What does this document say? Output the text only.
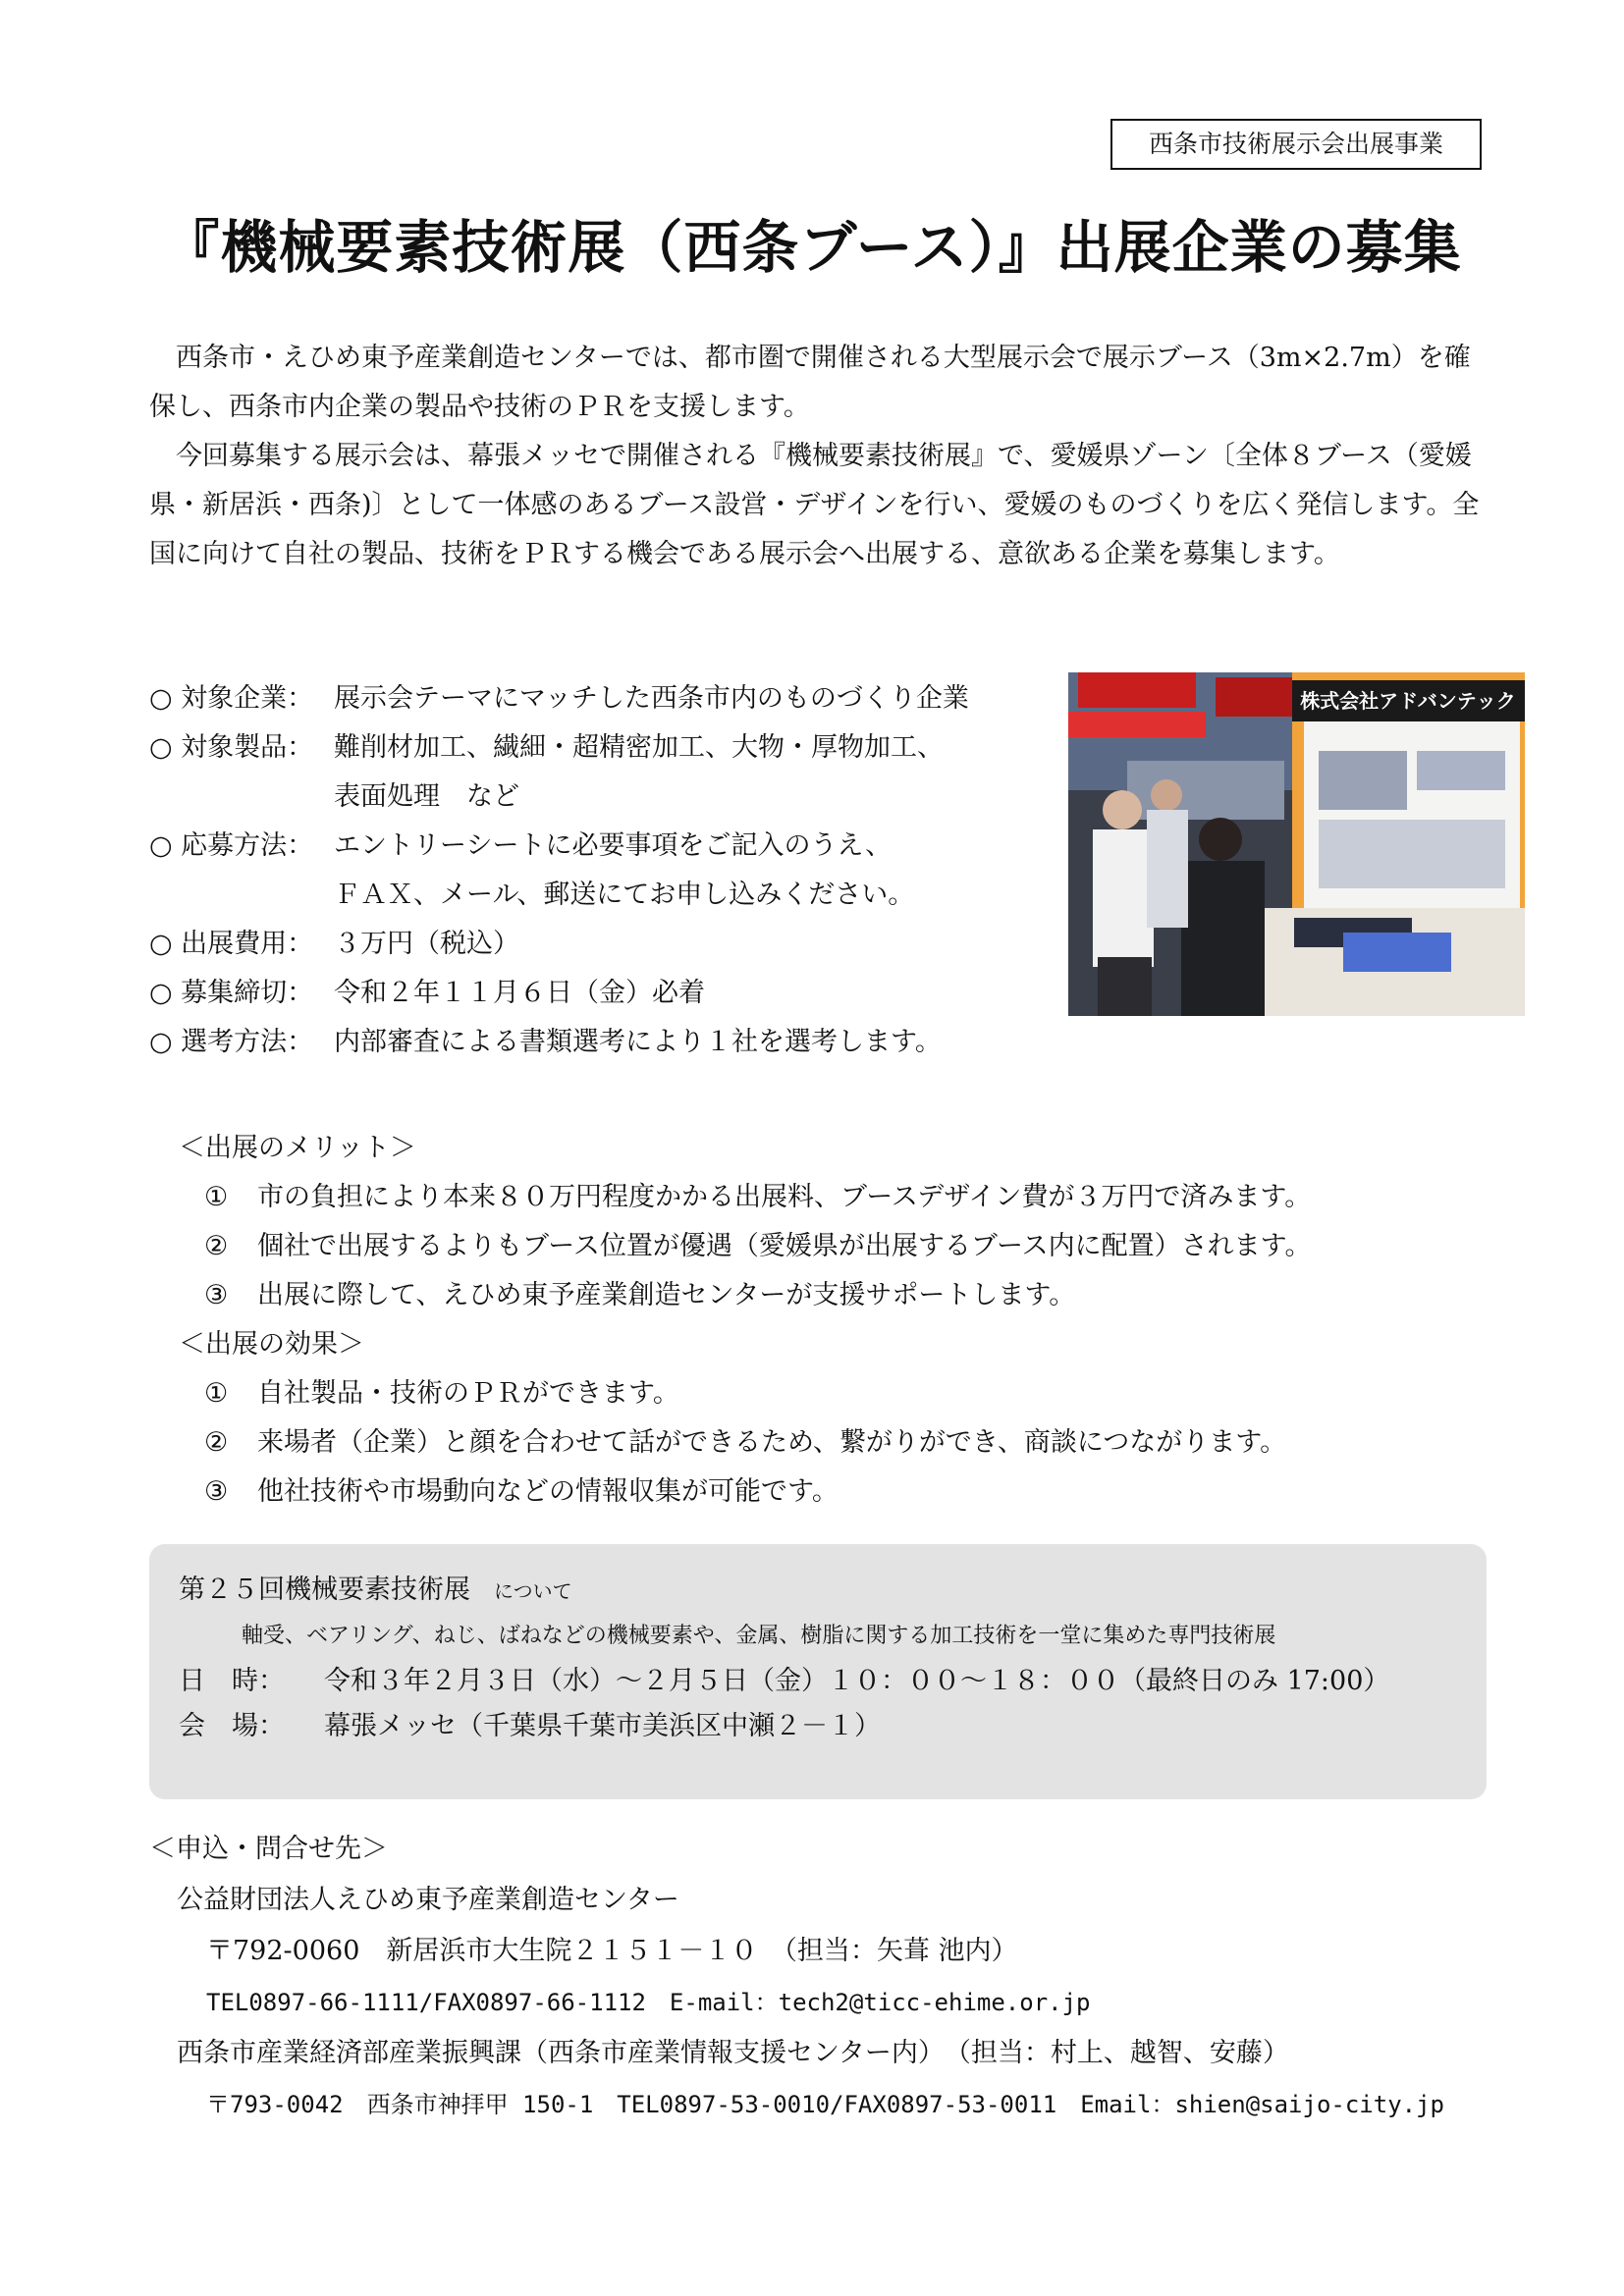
西条市技術展示会出展事業
『機械要素技術展（西条ブース）』出展企業の募集

西条市・えひめ東予産業創造センターでは、都市圏で開催される大型展示会で展示ブース（3m×2.7m）を確保し、西条市内企業の製品や技術のＰＲを支援します。

今回募集する展示会は、幕張メッセで開催される『機械要素技術展』で、愛媛県ゾーン〔全体８ブース（愛媛県・新居浜・西条)〕として一体感のあるブース設営・デザインを行い、愛媛のものづくりを広く発信します。全国に向けて自社の製品、技術をＰＲする機会である展示会へ出展する、意欲ある企業を募集します。

○ 対象企業： 展示会テーマにマッチした西条市内のものづくり企業
○ 対象製品： 難削材加工、繊細・超精密加工、大物・厚物加工、
表面処理　など
○ 応募方法： エントリーシートに必要事項をご記入のうえ、
ＦＡＸ、メール、郵送にてお申し込みください。
○ 出展費用： ３万円（税込）
○ 募集締切： 令和２年１１月６日（金）必着
○ 選考方法： 内部審査による書類選考により１社を選考します。
株式会社アドバンテック

＜出展のメリット＞

①	市の負担により本来８０万円程度かかる出展料、ブースデザイン費が３万円で済みます。
②	個社で出展するよりもブース位置が優遇（愛媛県が出展するブース内に配置）されます。
③	出展に際して、えひめ東予産業創造センターが支援サポートします。

＜出展の効果＞

①	自社製品・技術のＰＲができます。
②	来場者（企業）と顔を合わせて話ができるため、繋がりができ、商談につながります。
③	他社技術や市場動向などの情報収集が可能です。
第２５回機械要素技術展 について
軸受、ベアリング、ねじ、ばねなどの機械要素や、金属、樹脂に関する加工技術を一堂に集めた専門技術展
日　時：	令和３年２月３日（水）～２月５日（金）１０：００～１８：００（最終日のみ 17:00）
会　場：	幕張メッセ（千葉県千葉市美浜区中瀬２－１）
＜申込・問合せ先＞
公益財団法人えひめ東予産業創造センター
〒792-0060　新居浜市大生院２１５１－１０　（担当：矢葺 池内）
TEL0897-66-1111/FAX0897-66-1112　E-mail：tech2@ticc-ehime.or.jp
西条市産業経済部産業振興課（西条市産業情報支援センター内）　（担当：村上、越智、安藤）
〒793-0042　西条市神拝甲 150-1　TEL0897-53-0010/FAX0897-53-0011　Email：shien@saijo-city.jp
